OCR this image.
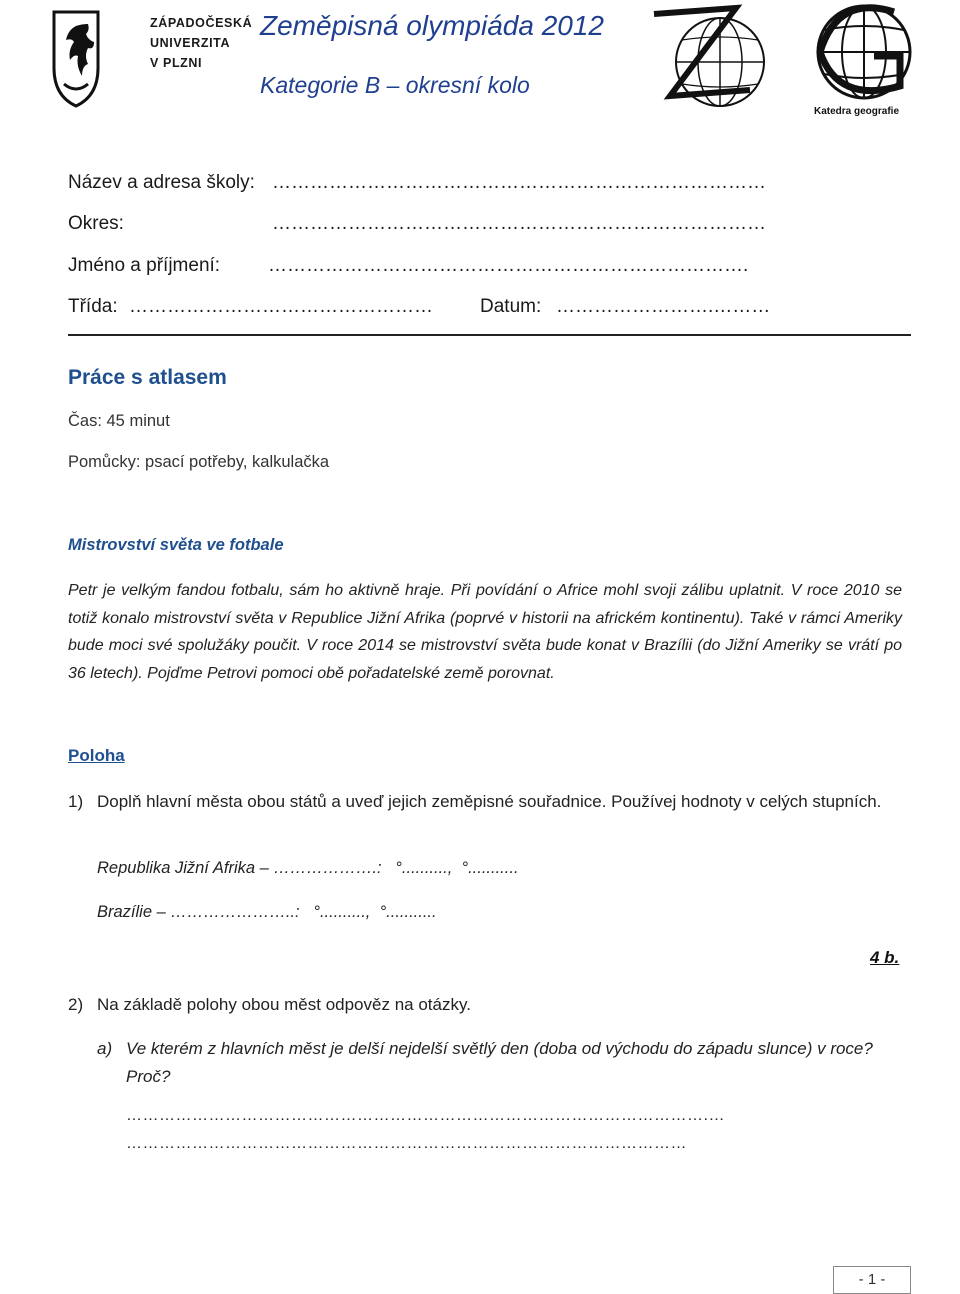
ZÁPADOČESKÁ
UNIVERZITA
V PLZNI
Zeměpisná olympiáda 2012
Kategorie B – okresní kolo
Katedra geografie
Název a adresa školy: ……………………………………………………………………
Okres:	……………………………………………………………………
Jméno a příjmení:	………………………………………………………………….
Třída: ………………………………………… Datum: …………………….………
Práce s atlasem
Čas: 45 minut
Pomůcky: psací potřeby, kalkulačka
Mistrovství světa ve fotbale
Petr je velkým fandou fotbalu, sám ho aktivně hraje. Při povídání o Africe mohl svoji zálibu uplatnit. V roce 2010 se totiž konalo mistrovství světa v Republice Jižní Afrika (poprvé v historii na africkém kontinentu). Také v rámci Ameriky bude moci své spolužáky poučit. V roce 2014 se mistrovství světa bude konat v Brazílii (do Jižní Ameriky se vrátí po 36 letech). Pojďme Petrovi pomoci obě pořadatelské země porovnat.
Poloha
1) Doplň hlavní města obou států a uveď jejich zeměpisné souřadnice. Používej hodnoty v celých stupních.
Republika Jižní Afrika – ……………….:   °..........,  °...........
Brazílie – …………………..:   °..........,  °...........
4 b.
2) Na základě polohy obou měst odpověz na otázky.
a) Ve kterém z hlavních měst je delší nejdelší světlý den (doba od východu do západu slunce) v roce? Proč?
…………………………………………………………………………………………….…
…………………………………………………………………………………………
- 1 -
